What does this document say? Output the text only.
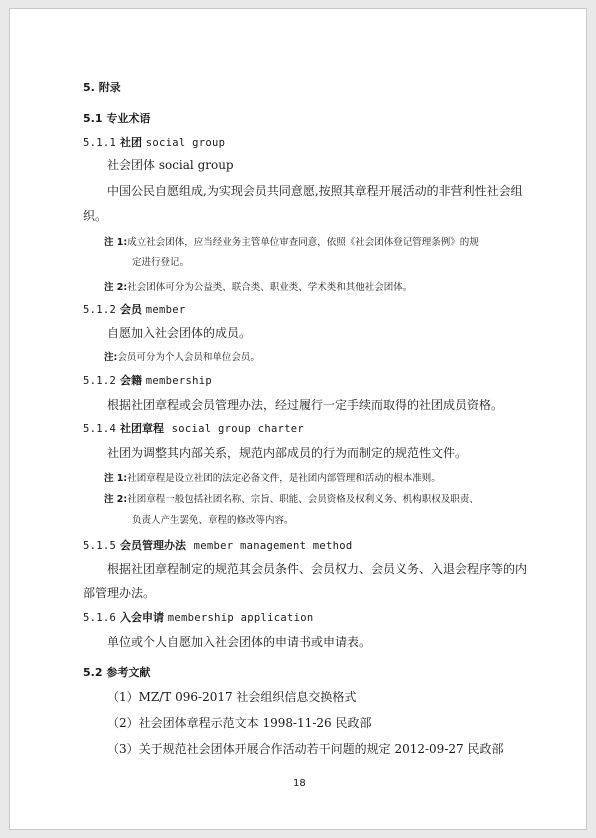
5. 附录
5.1 专业术语
5.1.1 社团 social group
社会团体 social group
中国公民自愿组成,为实现会员共同意愿,按照其章程开展活动的非营利性社会组
织。
注 1:成立社会团体，应当经业务主管单位审查同意，依照《社会团体登记管理条例》的规
定进行登记。
注 2:社会团体可分为公益类、联合类、职业类、学术类和其他社会团体。
5.1.2 会员 member
自愿加入社会团体的成员。
注:会员可分为个人会员和单位会员。
5.1.2 会籍 membership
根据社团章程或会员管理办法，经过履行一定手续而取得的社团成员资格。
5.1.4 社团章程 social group charter
社团为调整其内部关系，规范内部成员的行为而制定的规范性文件。
注 1:社团章程是设立社团的法定必备文件，是社团内部管理和活动的根本准则。
注 2:社团章程一般包括社团名称、宗旨、职能、会员资格及权利义务、机构职权及职责、
负责人产生罢免、章程的修改等内容。
5.1.5 会员管理办法 member management method
根据社团章程制定的规范其会员条件、会员权力、会员义务、入退会程序等的内
部管理办法。
5.1.6 入会申请 membership application
单位或个人自愿加入社会团体的申请书或申请表。
5.2 参考文献
（1）MZ/T 096-2017 社会组织信息交换格式
（2）社会团体章程示范文本 1998-11-26 民政部
（3）关于规范社会团体开展合作活动若干问题的规定 2012-09-27 民政部
18
